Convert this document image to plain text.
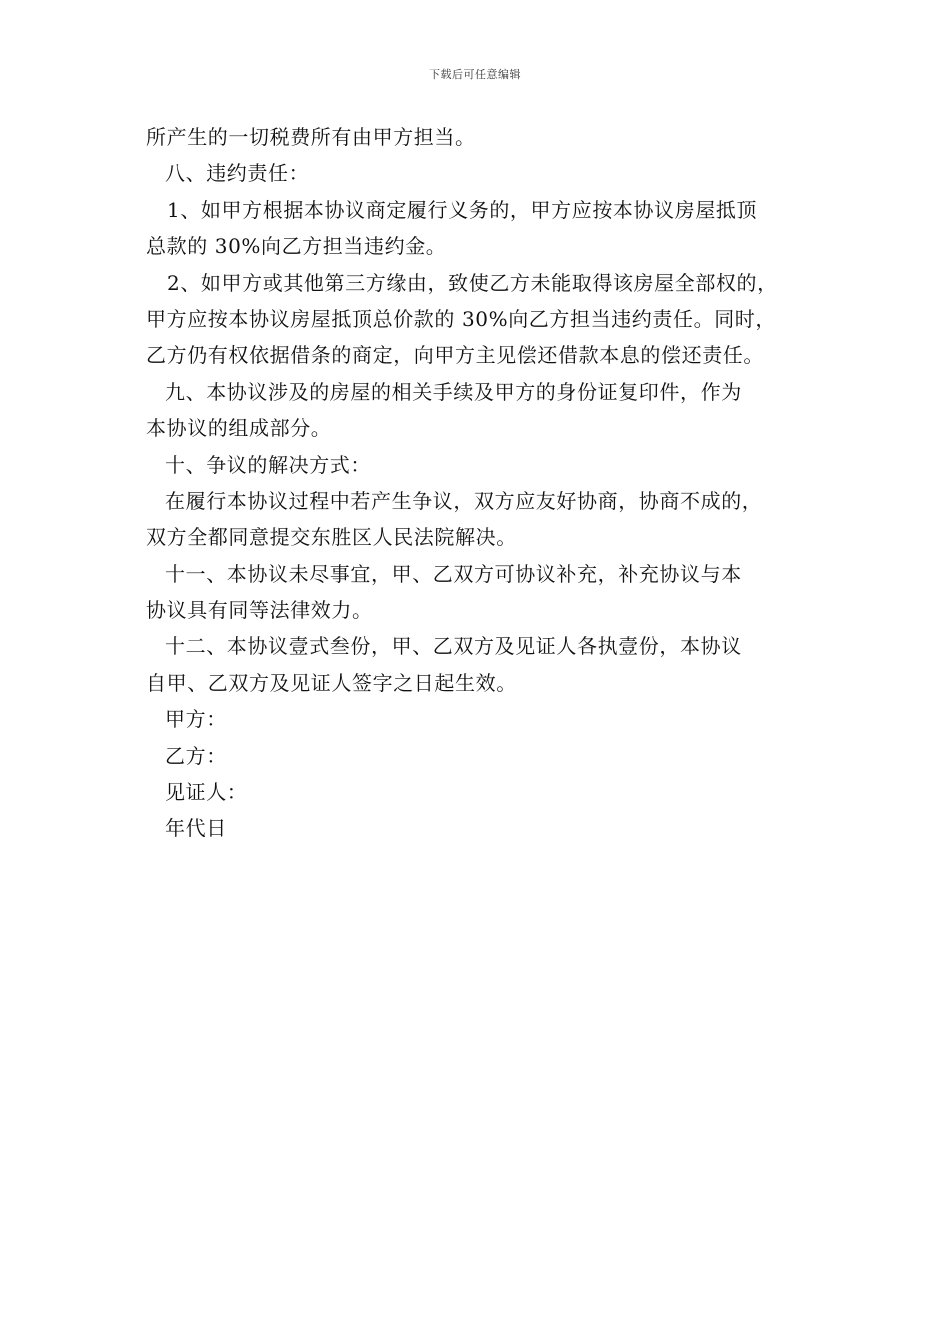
下载后可任意编辑
所产生的一切税费所有由甲方担当。
八、违约责任：
1、如甲方根据本协议商定履行义务的，甲方应按本协议房屋抵顶
总款的 30%向乙方担当违约金。
2、如甲方或其他第三方缘由，致使乙方未能取得该房屋全部权的，
甲方应按本协议房屋抵顶总价款的 30%向乙方担当违约责任。同时，
乙方仍有权依据借条的商定，向甲方主见偿还借款本息的偿还责任。
九、本协议涉及的房屋的相关手续及甲方的身份证复印件，作为
本协议的组成部分。
十、争议的解决方式：
在履行本协议过程中若产生争议，双方应友好协商，协商不成的，
双方全都同意提交东胜区人民法院解决。
十一、本协议未尽事宜，甲、乙双方可协议补充，补充协议与本
协议具有同等法律效力。
十二、本协议壹式叁份，甲、乙双方及见证人各执壹份，本协议
自甲、乙双方及见证人签字之日起生效。
甲方：
乙方：
见证人：
年代日
